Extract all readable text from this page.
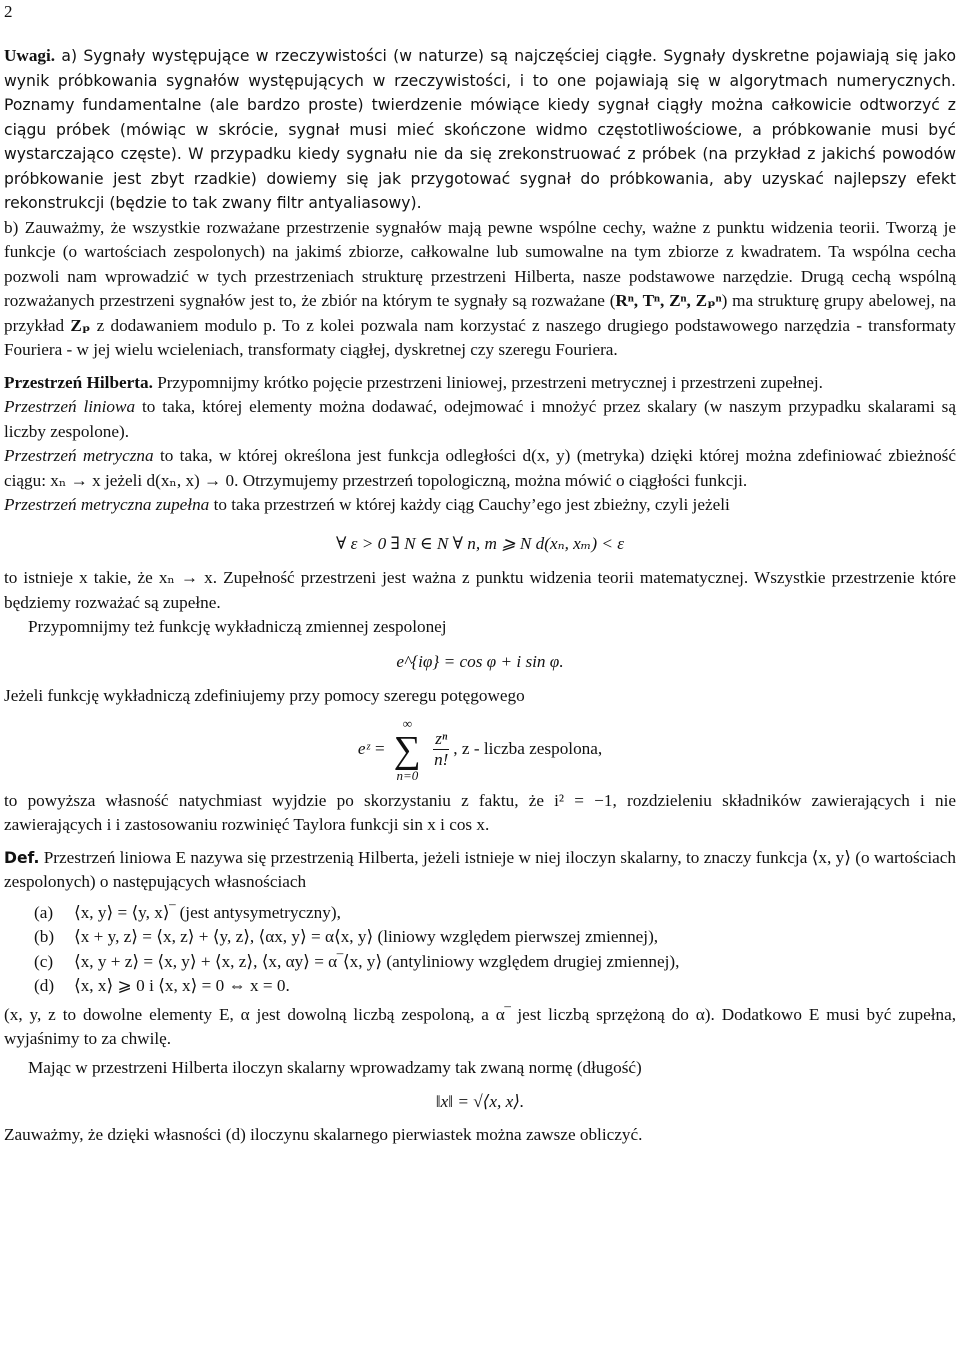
2

Uwagi. a) Sygnały występujące w rzeczywistości (w naturze) są najczęściej ciągłe. Sygnały dyskretne pojawiają się jako wynik próbkowania sygnałów występujących w rzeczywistości, i to one pojawiają się w algorytmach numerycznych. Poznamy fundamentalne (ale bardzo proste) twierdzenie mówiące kiedy sygnał ciągły można całkowicie odtworzyć z ciągu próbek (mówiąc w skrócie, sygnał musi mieć skończone widmo częstotliwościowe, a próbkowanie musi być wystarczająco częste). W przypadku kiedy sygnału nie da się zrekonstruować z próbek (na przykład z jakichś powodów próbkowanie jest zbyt rzadkie) dowiemy się jak przygotować sygnał do próbkowania, aby uzyskać najlepszy efekt rekonstrukcji (będzie to tak zwany filtr antyaliasowy).

b) Zauważmy, że wszystkie rozważane przestrzenie sygnałów mają pewne wspólne cechy, ważne z punktu widzenia teorii. Tworzą je funkcje (o wartościach zespolonych) na jakimś zbiorze, całkowalne lub sumowalne na tym zbiorze z kwadratem. Ta wspólna cecha pozwoli nam wprowadzić w tych przestrzeniach strukturę przestrzeni Hilberta, nasze podstawowe narzędzie. Drugą cechą wspólną rozważanych przestrzeni sygnałów jest to, że zbiór na którym te sygnały są rozważane (Rⁿ, Tⁿ, Zⁿ, Zₚⁿ) ma strukturę grupy abelowej, na przykład Zₚ z dodawaniem modulo p. To z kolei pozwala nam korzystać z naszego drugiego podstawowego narzędzia - transformaty Fouriera - w jej wielu wcieleniach, transformaty ciągłej, dyskretnej czy szeregu Fouriera.

Przestrzeń Hilberta. Przypomnijmy krótko pojęcie przestrzeni liniowej, przestrzeni metrycznej i przestrzeni zupełnej.

Przestrzeń liniowa to taka, której elementy można dodawać, odejmować i mnożyć przez skalary (w naszym przypadku skalarami są liczby zespolone).

Przestrzeń metryczna to taka, w której określona jest funkcja odległości d(x, y) (metryka) dzięki której można zdefiniować zbieżność ciągu: xₙ → x jeżeli d(xₙ, x) → 0. Otrzymujemy przestrzeń topologiczną, można mówić o ciągłości funkcji.

Przestrzeń metryczna zupełna to taka przestrzeń w której każdy ciąg Cauchy’ego jest zbieżny, czyli jeżeli

∀ ε > 0 ∃ N ∈ N ∀ n, m ⩾ N d(xₙ, xₘ) < ε

to istnieje x takie, że xₙ → x. Zupełność przestrzeni jest ważna z punktu widzenia teorii matematycznej. Wszystkie przestrzenie które będziemy rozważać są zupełne.

Przypomnijmy też funkcję wykładniczą zmiennej zespolonej

e^{iφ} = cos φ + i sin φ.

Jeżeli funkcję wykładniczą zdefiniujemy przy pomocy szeregu potęgowego

eᶻ =
∞
∑
n=0

$\frac{\text{zⁿ}}{n!}$ , z - liczba zespolona,

to powyższa własność natychmiast wyjdzie po skorzystaniu z faktu, że i² = −1, rozdzieleniu składników zawierających i nie zawierających i i zastosowaniu rozwinięć Taylora funkcji sin x i cos x.

Def. Przestrzeń liniowa E nazywa się przestrzenią Hilberta, jeżeli istnieje w niej iloczyn skalarny, to znaczy funkcja ⟨x, y⟩ (o wartościach zespolonych) o następujących własnościach

(a)	⟨x, y⟩ = ⟨y, x⟩‾ (jest antysymetryczny),
(b)	⟨x + y, z⟩ = ⟨x, z⟩ + ⟨y, z⟩, ⟨αx, y⟩ = α⟨x, y⟩ (liniowy względem pierwszej zmiennej),
(c)	⟨x, y + z⟩ = ⟨x, y⟩ + ⟨x, z⟩, ⟨x, αy⟩ = α‾⟨x, y⟩ (antyliniowy względem drugiej zmiennej),
(d)	⟨x, x⟩ ⩾ 0 i ⟨x, x⟩ = 0 ⇔ x = 0.

(x, y, z to dowolne elementy E, α jest dowolną liczbą zespoloną, a α‾ jest liczbą sprzężoną do α). Dodatkowo E musi być zupełna, wyjaśnimy to za chwilę.

Mając w przestrzeni Hilberta iloczyn skalarny wprowadzamy tak zwaną normę (długość)

‖x‖ = √⟨x, x⟩.

Zauważmy, że dzięki własności (d) iloczynu skalarnego pierwiastek można zawsze obliczyć.
